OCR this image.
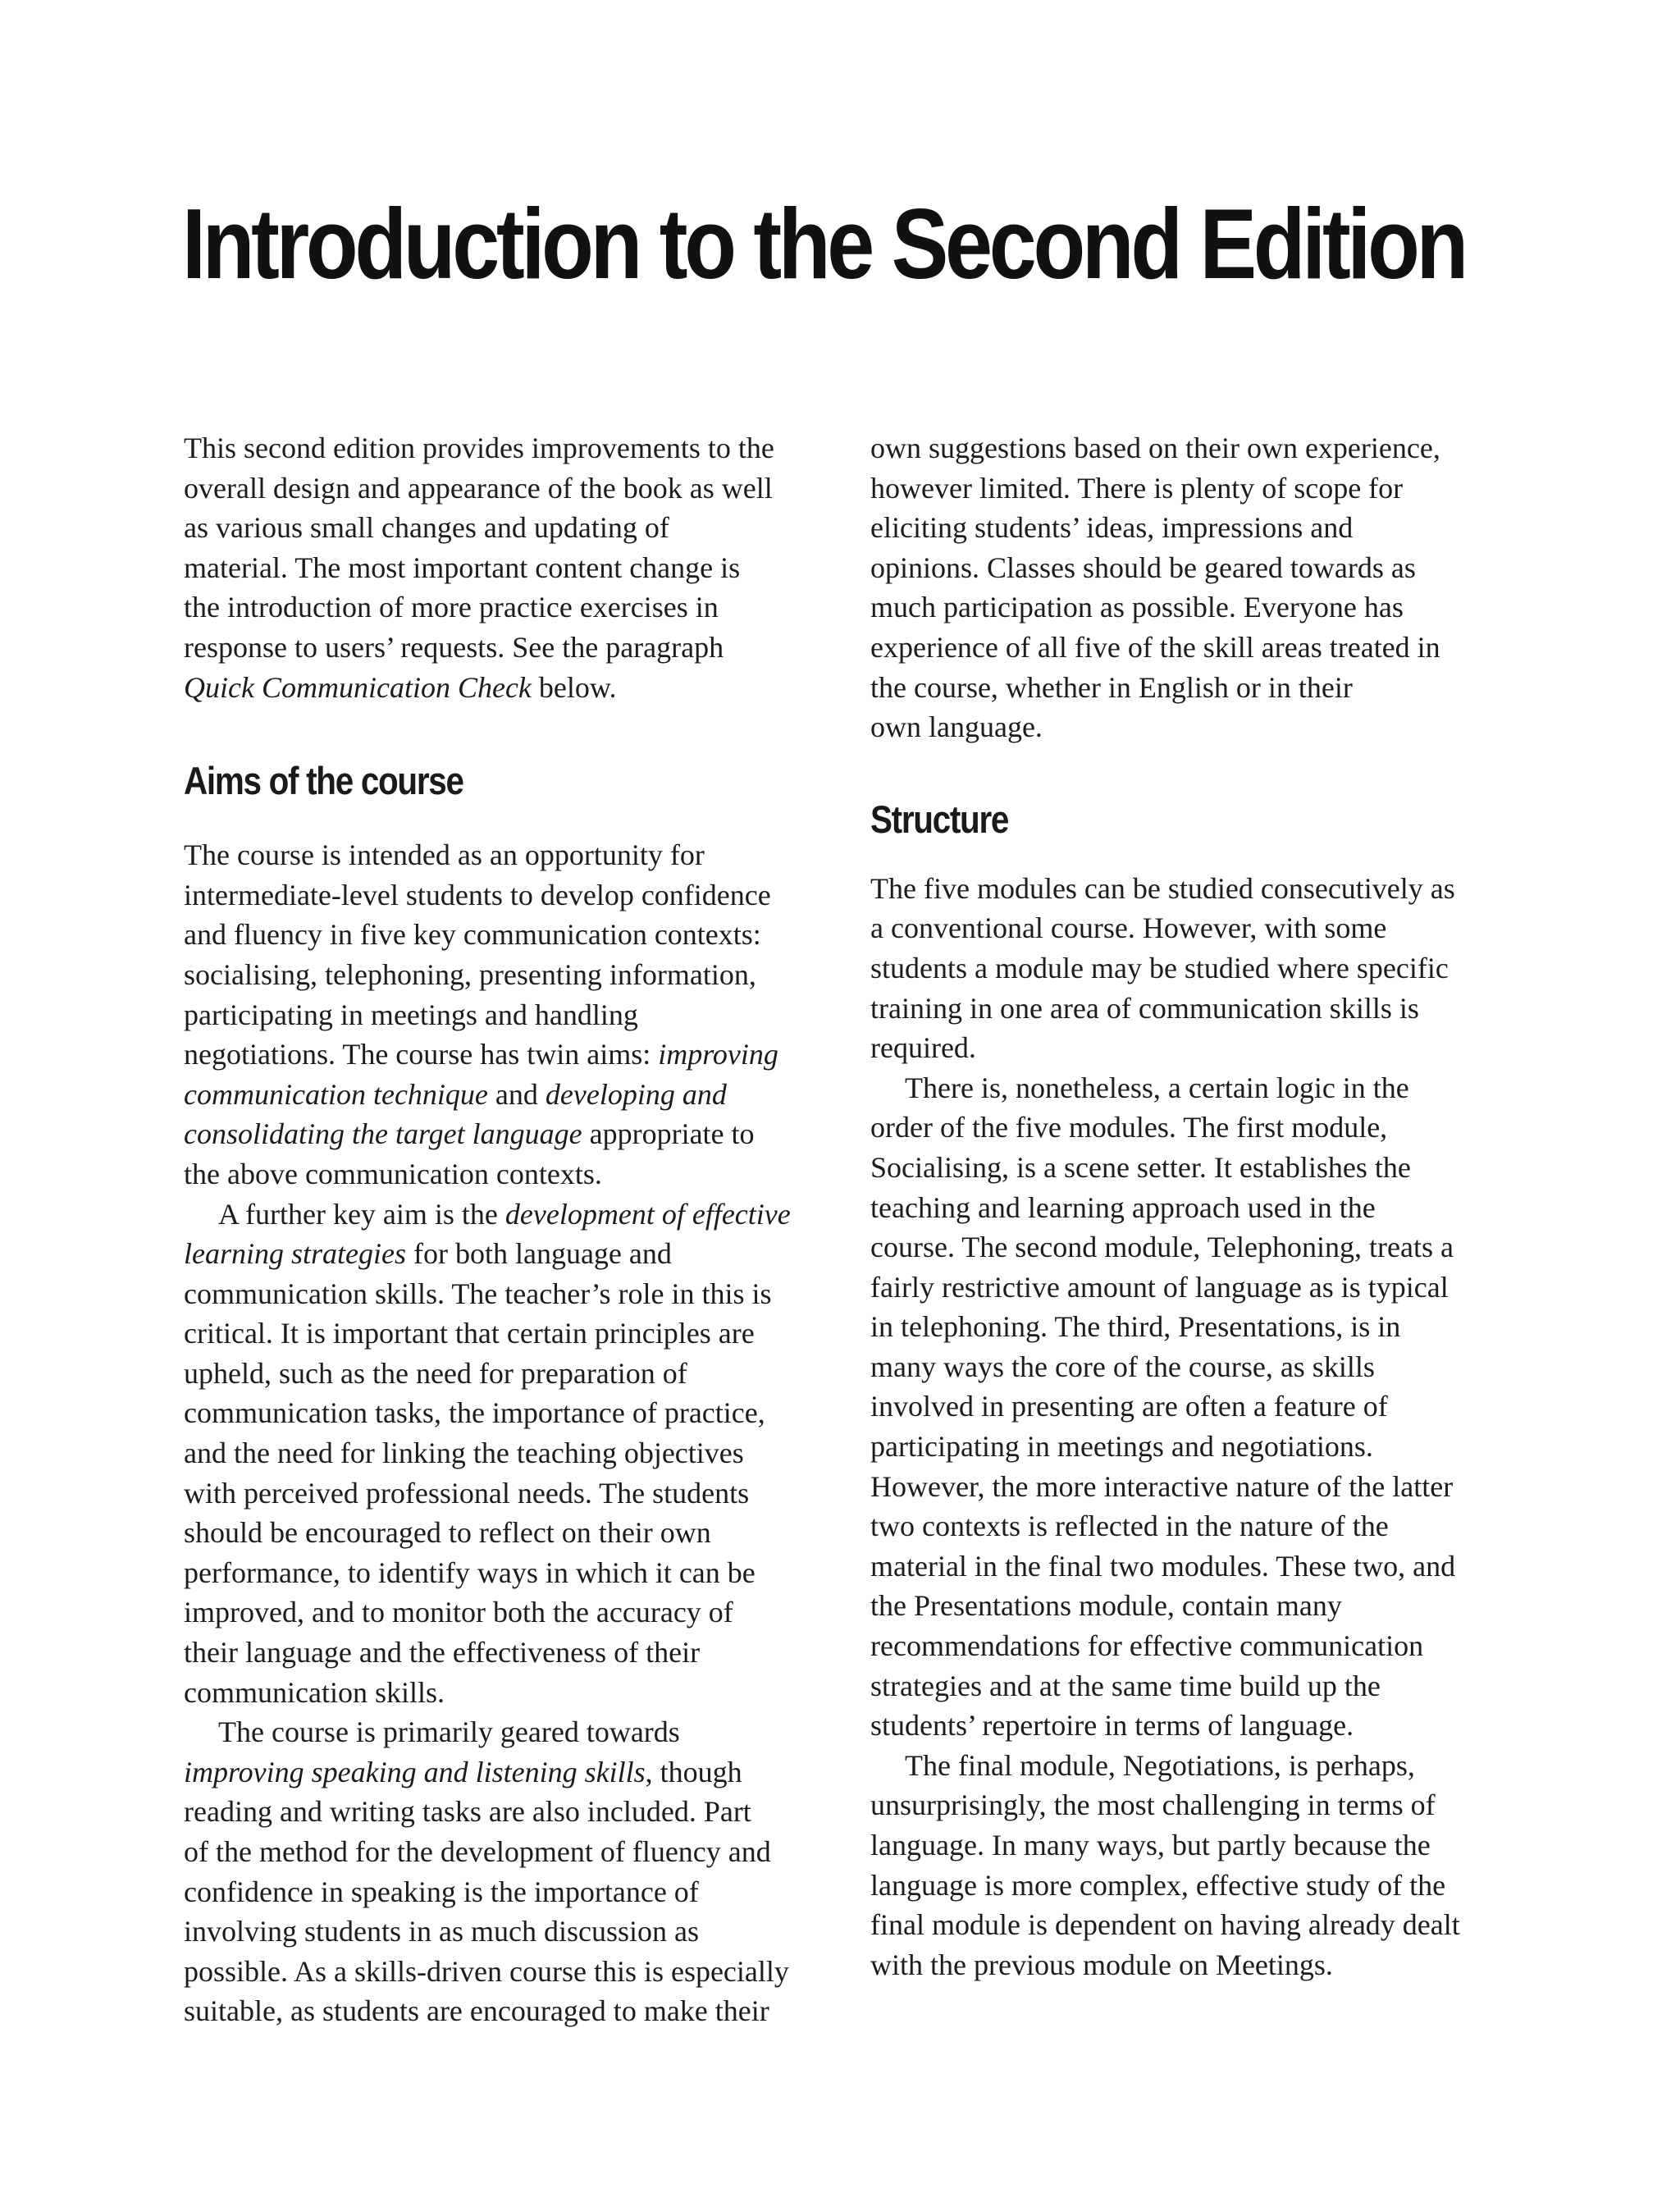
Introduction to the Second Edition
This second edition provides improvements to the
overall design and appearance of the book as well
as various small changes and updating of
material. The most important content change is
the introduction of more practice exercises in
response to users’ requests. See the paragraph
Quick Communication Check below.
Aims of the course
The course is intended as an opportunity for
intermediate-level students to develop confidence
and fluency in five key communication contexts:
socialising, telephoning, presenting information,
participating in meetings and handling
negotiations. The course has twin aims: improving
communication technique and developing and
consolidating the target language appropriate to
the above communication contexts.
A further key aim is the development of effective
learning strategies for both language and
communication skills. The teacher’s role in this is
critical. It is important that certain principles are
upheld, such as the need for preparation of
communication tasks, the importance of practice,
and the need for linking the teaching objectives
with perceived professional needs. The students
should be encouraged to reflect on their own
performance, to identify ways in which it can be
improved, and to monitor both the accuracy of
their language and the effectiveness of their
communication skills.
The course is primarily geared towards
improving speaking and listening skills, though
reading and writing tasks are also included. Part
of the method for the development of fluency and
confidence in speaking is the importance of
involving students in as much discussion as
possible. As a skills-driven course this is especially
suitable, as students are encouraged to make their
own suggestions based on their own experience,
however limited. There is plenty of scope for
eliciting students’ ideas, impressions and
opinions. Classes should be geared towards as
much participation as possible. Everyone has
experience of all five of the skill areas treated in
the course, whether in English or in their
own language.
Structure
The five modules can be studied consecutively as
a conventional course. However, with some
students a module may be studied where specific
training in one area of communication skills is
required.
There is, nonetheless, a certain logic in the
order of the five modules. The first module,
Socialising, is a scene setter. It establishes the
teaching and learning approach used in the
course. The second module, Telephoning, treats a
fairly restrictive amount of language as is typical
in telephoning. The third, Presentations, is in
many ways the core of the course, as skills
involved in presenting are often a feature of
participating in meetings and negotiations.
However, the more interactive nature of the latter
two contexts is reflected in the nature of the
material in the final two modules. These two, and
the Presentations module, contain many
recommendations for effective communication
strategies and at the same time build up the
students’ repertoire in terms of language.
The final module, Negotiations, is perhaps,
unsurprisingly, the most challenging in terms of
language. In many ways, but partly because the
language is more complex, effective study of the
final module is dependent on having already dealt
with the previous module on Meetings.
